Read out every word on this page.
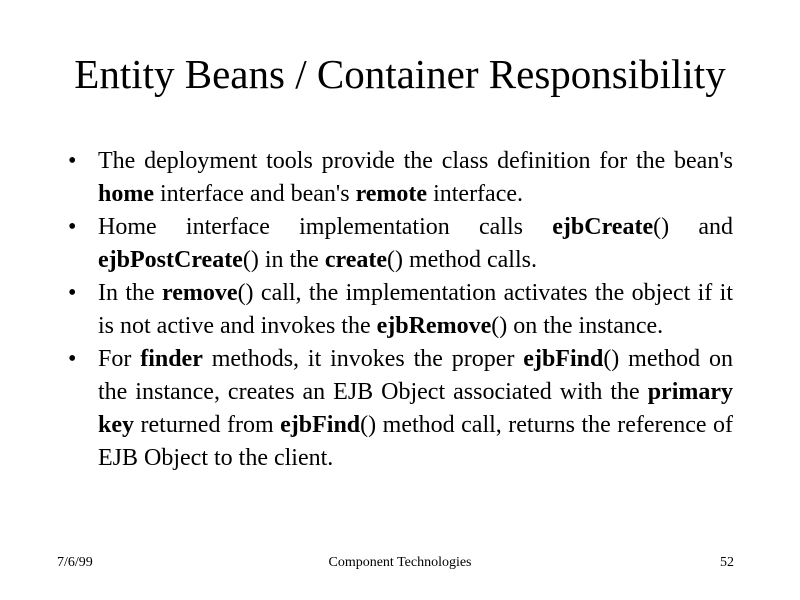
Entity Beans / Container Responsibility
• The deployment tools provide the class definition for the bean's home interface and bean's remote interface.
• Home interface implementation calls ejbCreate() and ejbPostCreate() in the create() method calls.
• In the remove() call, the implementation activates the object if it is not active and invokes the ejbRemove() on the instance.
• For finder methods, it invokes the proper ejbFind() method on the instance, creates an EJB Object associated with the primary key returned from ejbFind() method call, returns the reference of EJB Object to the client.
7/6/99	Component Technologies	52
